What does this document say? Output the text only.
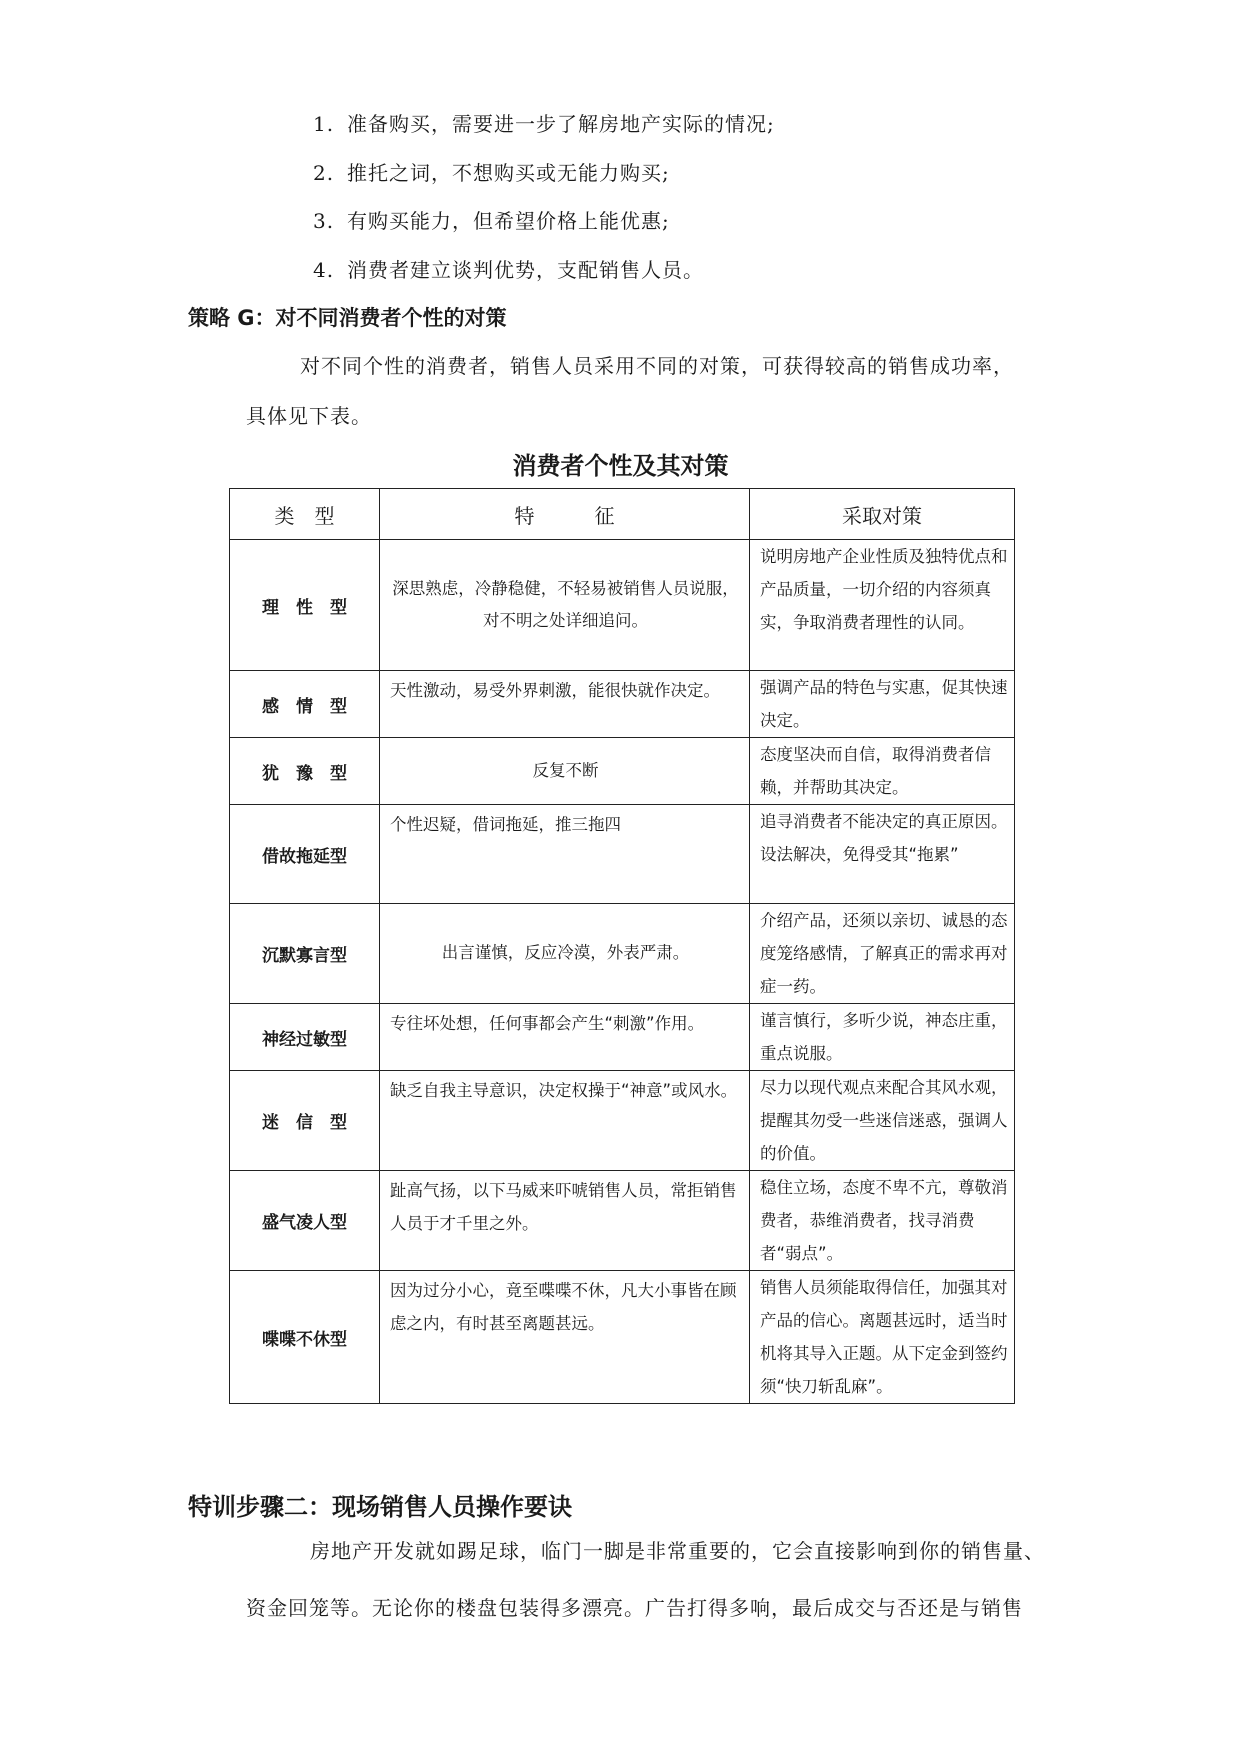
1. 准备购买，需要进一步了解房地产实际的情况;
2. 推托之词，不想购买或无能力购买;
3. 有购买能力，但希望价格上能优惠;
4. 消费者建立谈判优势，支配销售人员。
策略 G：对不同消费者个性的对策
对不同个性的消费者，销售人员采用不同的对策，可获得较高的销售成功率，
具体见下表。
消费者个性及其对策
类　型	特　　　征	采取对策
理　性　型	深思熟虑，冷静稳健，不轻易被销售人员说服，对不明之处详细追问。	说明房地产企业性质及独特优点和产品质量，一切介绍的内容须真实，争取消费者理性的认同。
感　情　型	天性激动，易受外界刺激，能很快就作决定。	强调产品的特色与实惠，促其快速决定。
犹　豫　型	反复不断	态度坚决而自信，取得消费者信赖，并帮助其决定。
借故拖延型	个性迟疑，借词拖延，推三拖四	追寻消费者不能决定的真正原因。设法解决，免得受其“拖累”
沉默寡言型	出言谨慎，反应冷漠，外表严肃。	介绍产品，还须以亲切、诚恳的态度笼络感情，了解真正的需求再对症一药。
神经过敏型	专往坏处想，任何事都会产生“刺激”作用。	谨言慎行，多听少说，神态庄重，重点说服。
迷　信　型	缺乏自我主导意识，决定权操于“神意”或风水。	尽力以现代观点来配合其风水观，提醒其勿受一些迷信迷惑，强调人的价值。
盛气凌人型	趾高气扬，以下马威来吓唬销售人员，常拒销售人员于才千里之外。	稳住立场，态度不卑不亢，尊敬消费者，恭维消费者，找寻消费者“弱点”。
喋喋不休型	因为过分小心，竟至喋喋不休，凡大小事皆在顾虑之内，有时甚至离题甚远。	销售人员须能取得信任，加强其对产品的信心。离题甚远时，适当时机将其导入正题。从下定金到签约须“快刀斩乱麻”。
特训步骤二：现场销售人员操作要诀
房地产开发就如踢足球，临门一脚是非常重要的，它会直接影响到你的销售量、
资金回笼等。无论你的楼盘包装得多漂亮。广告打得多响，最后成交与否还是与销售
